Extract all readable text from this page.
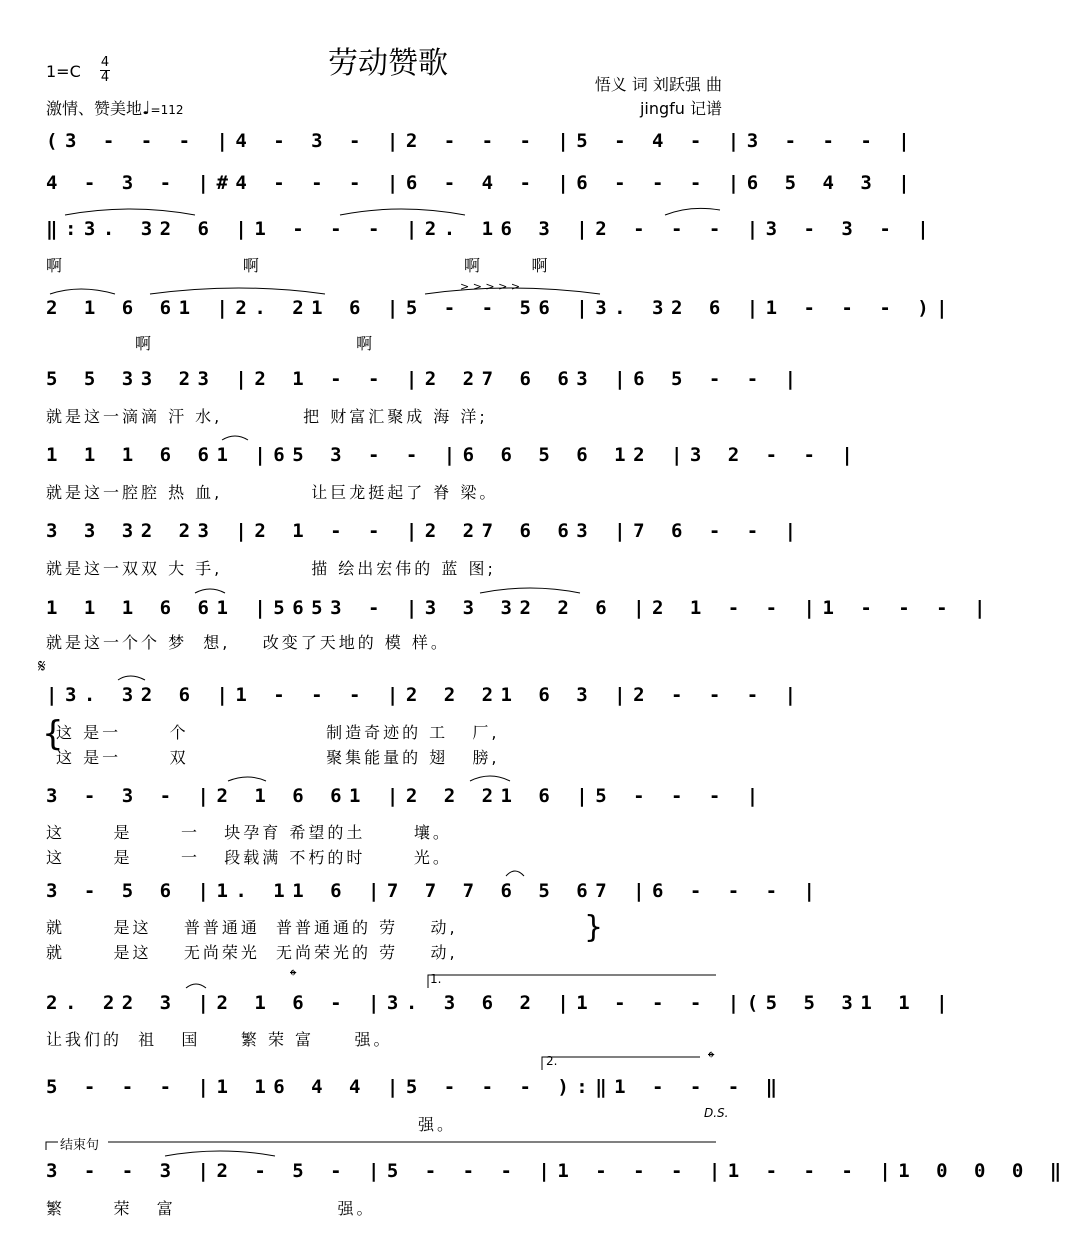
劳动赞歌
1=C 4
4
激情、赞美地♩=112
悟义 词 刘跃强 曲
jingfu 记谱
(3 - - - |4 - 3 - |2 - - - |5 - 4 - |3 - - - |
4 - 3 - |#4 - - - |6 - 4 - |6 - - - |6 5 4 3 |
‖:3. 32 6 |1 - - - |2. 16 3 |2 - - - |3 - 3 - |
啊                      啊                         啊      啊
2 1 6 61 |2. 21 6 |5 - - 56 |3. 32 6 |1 - - - )|
啊                         啊
5 5 33 23 |2 1 - - |2 27 6 63 |6 5 - - |
就是这一滴滴 汗 水,          把 财富汇聚成 海 洋;
1 1 1 6 61 |65 3 - - |6 6 5 6 12 |3 2 - - |
就是这一腔腔 热 血,           让巨龙挺起了 脊 梁。
3 3 32 23 |2 1 - - |2 27 6 63 |7 6 - - |
就是这一双双 大 手,           描 绘出宏伟的 蓝 图;
1 1 1 6 61 |5653 - |3 3 32 2 6 |2 1 - - |1 - - - |
就是这一个个 梦  想,    改变了天地的 模 样。
𝄋
|3. 32 6 |1 - - - |2 2 21 6 3 |2 - - - |
这 是一      个                 制造奇迹的 工   厂,
这 是一      双                 聚集能量的 翅   膀,
{
3 - 3 - |2 1 6 61 |2 2 21 6 |5 - - - |
这      是      一   块孕育 希望的土      壤。
这      是      一   段载满 不朽的时      光。
3 - 5 6 |1. 11 6 |7 7 7 6 5 67 |6 - - - |
就      是这    普普通通  普普通通的 劳    动,
就      是这    无尚荣光  无尚荣光的 劳    动,
}
𝄌	1.
2. 22 3 |2 1 6 - |3. 3 6 2 |1 - - - |(5 5 31 1 |
让我们的  祖   国     繁 荣 富     强。
2.	𝄌
5 - - - |1 16 4 4 |5 - - - ):‖1 - - - ‖
强。
D.S.
结束句
3 - - 3 |2 - 5 - |5 - - - |1 - - - |1 - - - |1 0 0 0 ‖
繁      荣   富                    强。
> > > > >
